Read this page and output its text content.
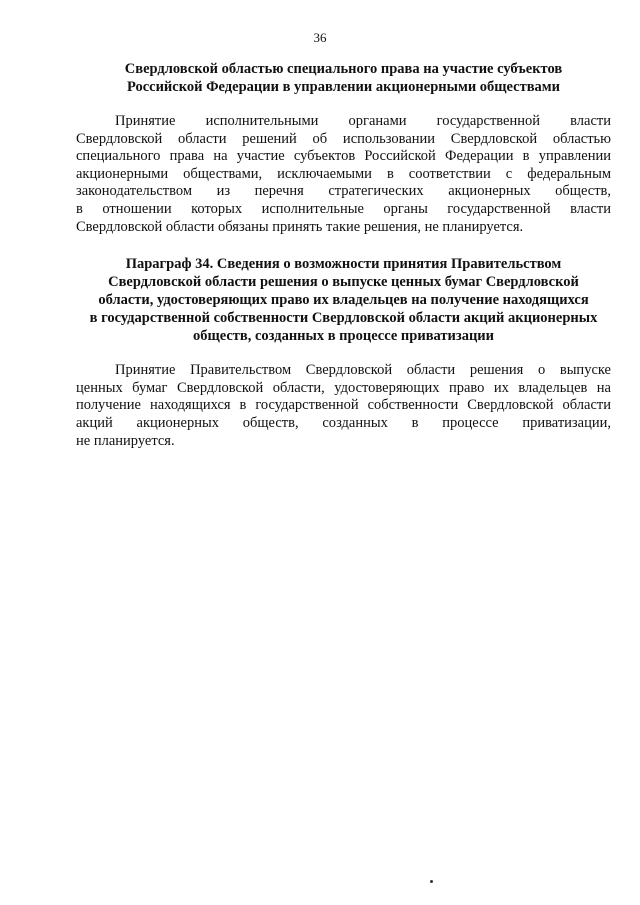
36
Свердловской областью специального права на участие субъектов
Российской Федерации в управлении акционерными обществами
Принятие исполнительными органами государственной власти
Свердловской области решений об использовании Свердловской областью
специального права на участие субъектов Российской Федерации в управлении
акционерными обществами, исключаемыми в соответствии с федеральным
законодательством из перечня стратегических акционерных обществ,
в отношении которых исполнительные органы государственной власти
Свердловской области обязаны принять такие решения, не планируется.
Параграф 34. Сведения о возможности принятия Правительством
Свердловской области решения о выпуске ценных бумаг Свердловской
области, удостоверяющих право их владельцев на получение находящихся
в государственной собственности Свердловской области акций акционерных
обществ, созданных в процессе приватизации
Принятие Правительством Свердловской области решения о выпуске
ценных бумаг Свердловской области, удостоверяющих право их владельцев на
получение находящихся в государственной собственности Свердловской области
акций акционерных обществ, созданных в процессе приватизации,
не планируется.
